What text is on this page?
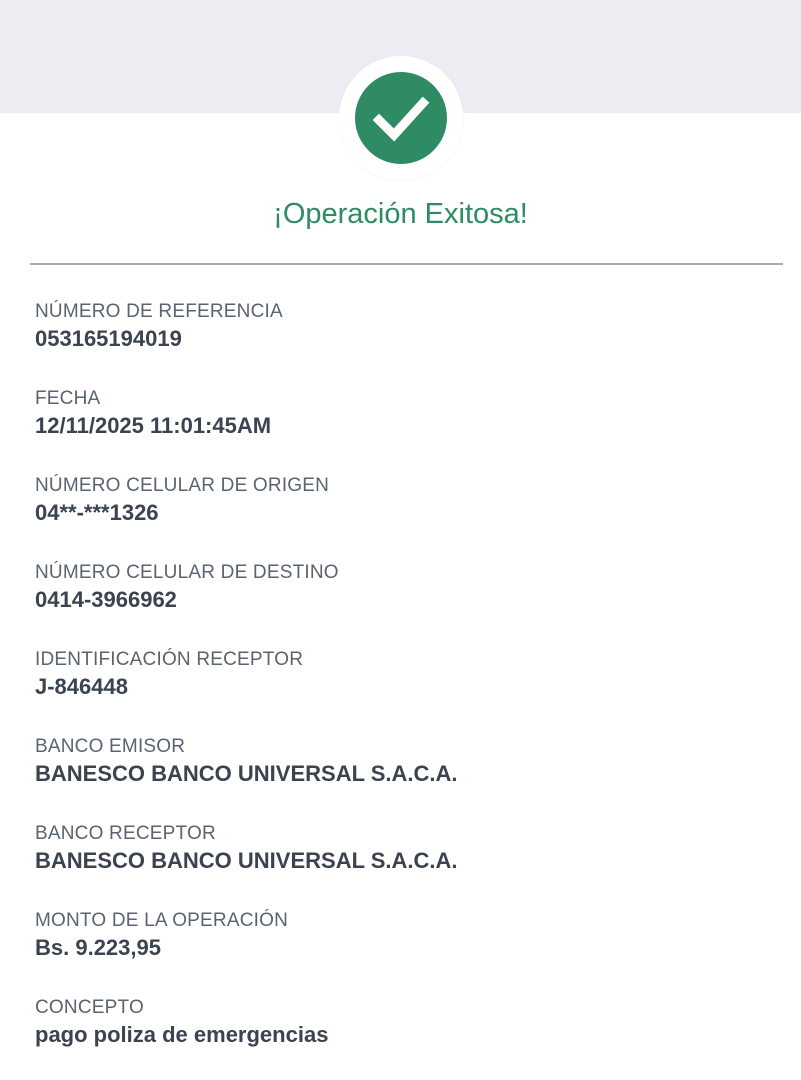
¡Operación Exitosa!
NÚMERO DE REFERENCIA
053165194019
FECHA
12/11/2025 11:01:45AM
NÚMERO CELULAR DE ORIGEN
04**-***1326
NÚMERO CELULAR DE DESTINO
0414-3966962
IDENTIFICACIÓN RECEPTOR
J-846448
BANCO EMISOR
BANESCO BANCO UNIVERSAL S.A.C.A.
BANCO RECEPTOR
BANESCO BANCO UNIVERSAL S.A.C.A.
MONTO DE LA OPERACIÓN
Bs. 9.223,95
CONCEPTO
pago poliza de emergencias
